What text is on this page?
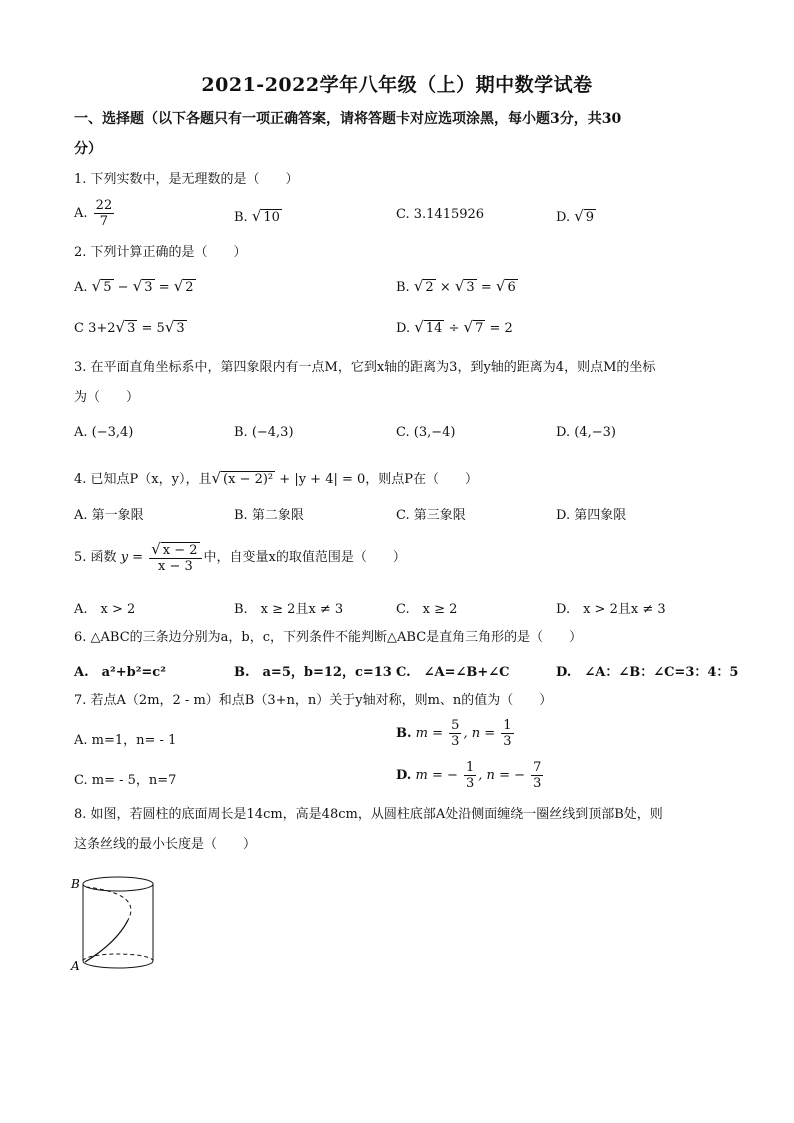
2021-2022学年八年级（上）期中数学试卷
一、选择题（以下各题只有一项正确答案，请将答题卡对应选项涂黑，每小题3分，共30
分）
1. 下列实数中，是无理数的是（　　）
A. $\frac{22}{7}$	B. √ 10	C. 3.1415926	D. √ 9
2. 下列计算正确的是（　　）
A. √ 5 − √ 3 = √ 2	B. √ 2 × √ 3 = √ 6
C 3+2√ 3 = 5√ 3	D. √ 14 ÷ √ 7 = 2
3. 在平面直角坐标系中，第四象限内有一点M，它到x轴的距离为3，到y轴的距离为4，则点M的坐标
为（　　）
A. (−3,4)	B. (−4,3)	C. (3,−4)	D. (4,−3)
4. 已知点P（x，y），且√ (x − 2)² + |y + 4| = 0，则点P在（　　）
A. 第一象限	B. 第二象限	C. 第三象限	D. 第四象限
5. 函数 $y = \frac{√ x - 2}{x - 3}$ 中，自变量x的取值范围是（　　）
A.　x > 2	B.　x ≥ 2且x ≠ 3	C.　x ≥ 2	D.　x > 2且x ≠ 3
6. △ABC的三条边分别为a，b，c，下列条件不能判断△ABC是直角三角形的是（　　）
A.　a²+b²=c²	B.　a=5，b=12，c=13 C.　∠A=∠B+∠C	D.　∠A：∠B：∠C=3：4：5
7. 若点A（2m，2 - m）和点B（3+n，n）关于y轴对称，则m、n的值为（　　）
A. m=1，n= - 1	B. $m = \frac{5}{3}$ , $n = \frac{1}{3}$
C. m= - 5，n=7	D. m = − $\frac{1}{3}$ , n = − $\frac{7}{3}$
8. 如图，若圆柱的底面周长是14cm，高是48cm，从圆柱底部A处沿侧面缠绕一圈丝线到顶部B处，则
这条丝线的最小长度是（　　）
B
A
